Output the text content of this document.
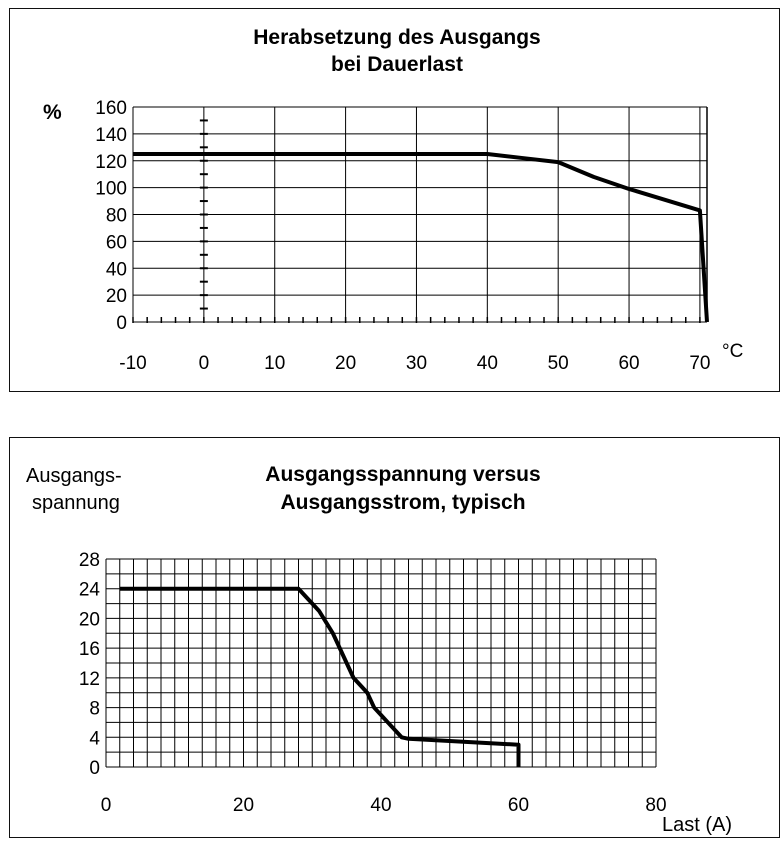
Herabsetzung des Ausgangs
bei Dauerlast
%
°C
160
140
120
100
80
60
40
20
0
-10	0	10	20	30	40	50	60	70
Ausgangsspannung versus
Ausgangsstrom, typisch
Ausgangs-
spannung
Last (A)
28
24
20
16
12
8
4
0
0	20	40	60	80
